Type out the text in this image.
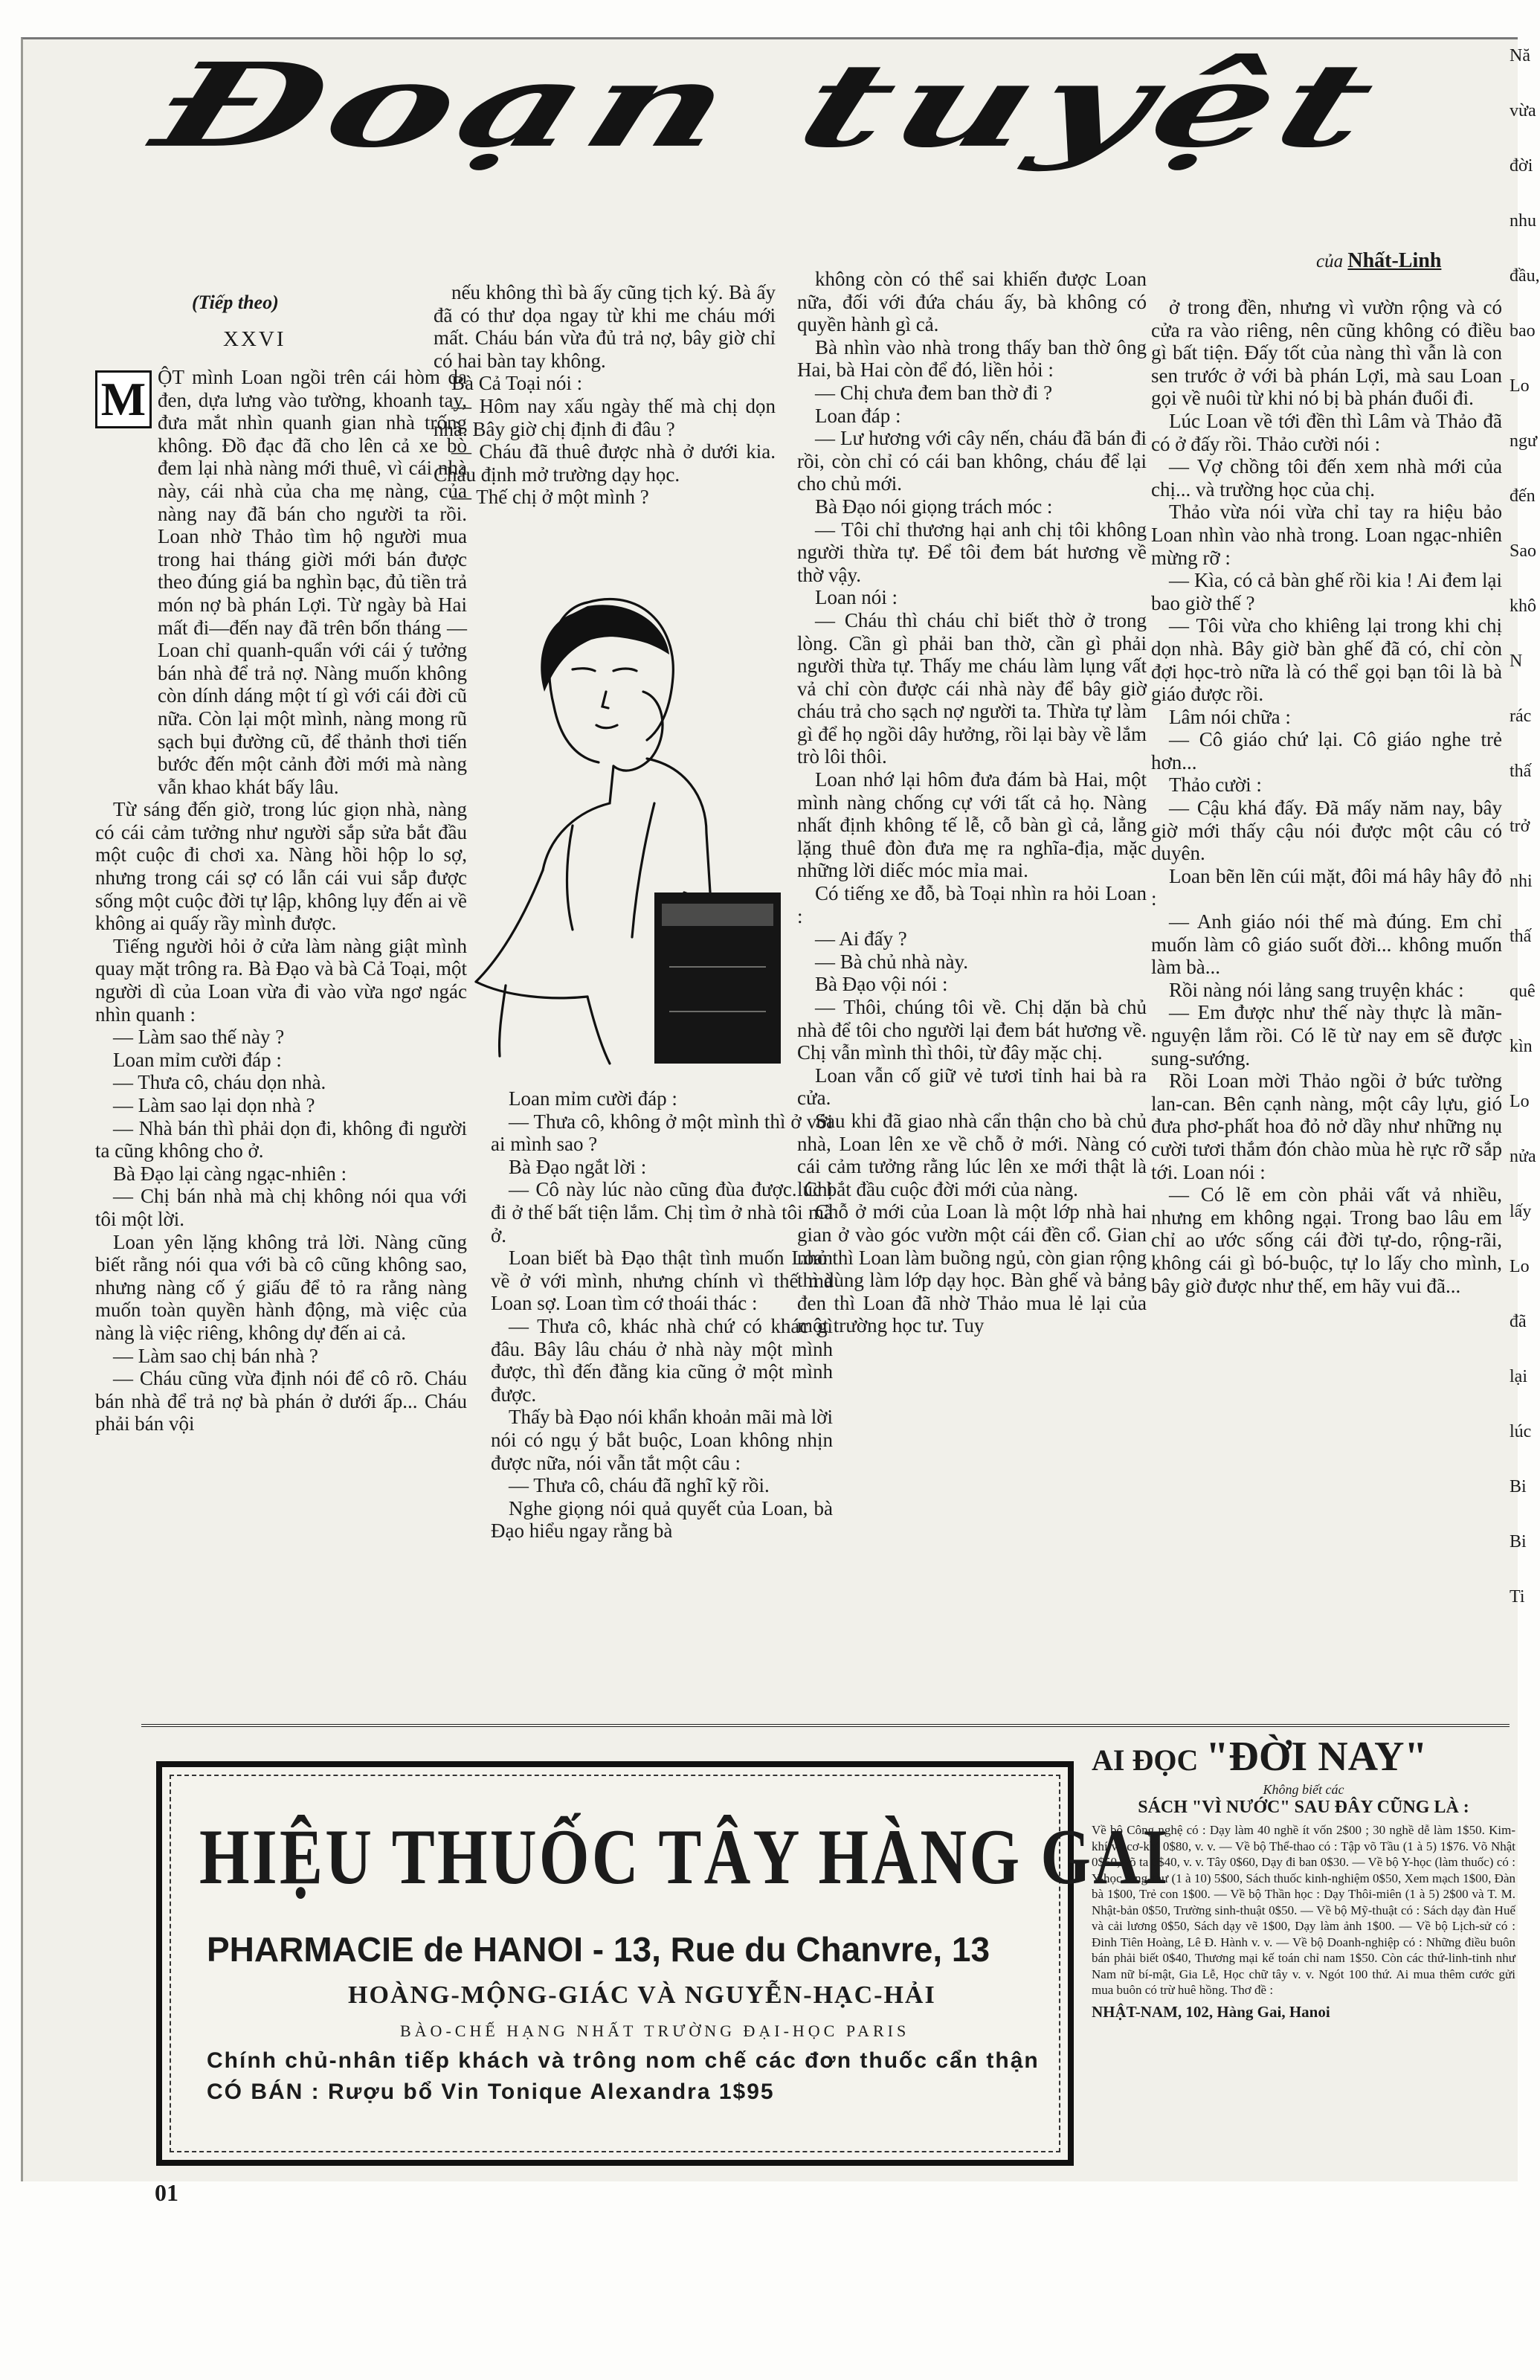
Đoạn tuyệt
của Nhất-Linh
(Tiếp theo)
XXVI
M ỘT mình Loan ngồi trên cái hòm da đen, dựa lưng vào tường, khoanh tay, đưa mắt nhìn quanh gian nhà trống không. Đồ đạc đã cho lên cả xe bò đem lại nhà nàng mới thuê, vì cái nhà này, cái nhà của cha mẹ nàng, của nàng nay đã bán cho người ta rồi. Loan nhờ Thảo tìm hộ người mua trong hai tháng giời mới bán được theo đúng giá ba nghìn bạc, đủ tiền trả món nợ bà phán Lợi. Từ ngày bà Hai mất đi—đến nay đã trên bốn tháng — Loan chỉ quanh-quẩn với cái ý tưởng bán nhà để trả nợ. Nàng muốn không còn dính dáng một tí gì với cái đời cũ nữa. Còn lại một mình, nàng mong rũ sạch bụi đường cũ, để thảnh thơi tiến bước đến một cảnh đời mới mà nàng vẫn khao khát bấy lâu.

Từ sáng đến giờ, trong lúc giọn nhà, nàng có cái cảm tưởng như người sắp sửa bắt đầu một cuộc đi chơi xa. Nàng hồi hộp lo sợ, nhưng trong cái sợ có lẫn cái vui sắp được sống một cuộc đời tự lập, không lụy đến ai về không ai quấy rầy mình được.

Tiếng người hỏi ở cửa làm nàng giật mình quay mặt trông ra. Bà Đạo và bà Cả Toại, một người dì của Loan vừa đi vào vừa ngơ ngác nhìn quanh :

— Làm sao thế này ?

Loan mỉm cười đáp :

— Thưa cô, cháu dọn nhà.

— Làm sao lại dọn nhà ?

— Nhà bán thì phải dọn đi, không đi người ta cũng không cho ở.

Bà Đạo lại càng ngạc-nhiên :

— Chị bán nhà mà chị không nói qua với tôi một lời.

Loan yên lặng không trả lời. Nàng cũng biết rằng nói qua với bà cô cũng không sao, nhưng nàng cố ý giấu để tỏ ra rằng nàng muốn toàn quyền hành động, mà việc của nàng là việc riêng, không dự đến ai cả.

— Làm sao chị bán nhà ?

— Cháu cũng vừa định nói để cô rõ. Cháu bán nhà để trả nợ bà phán ở dưới ấp... Cháu phải bán vội

nếu không thì bà ấy cũng tịch ký. Bà ấy đã có thư dọa ngay từ khi me cháu mới mất. Cháu bán vừa đủ trả nợ, bây giờ chỉ có hai bàn tay không.

Bà Cả Toại nói :

— Hôm nay xấu ngày thế mà chị dọn nhà. Bây giờ chị định đi đâu ?

— Cháu đã thuê được nhà ở dưới kia. Cháu định mở trường dạy học.

— Thế chị ở một mình ?

Loan mỉm cười đáp :

— Thưa cô, không ở một mình thì ở với ai mình sao ?

Bà Đạo ngắt lời :

— Cô này lúc nào cũng đùa được. Chị đi ở thế bất tiện lắm. Chị tìm ở nhà tôi mà ở.

Loan biết bà Đạo thật tình muốn Loan về ở với mình, nhưng chính vì thế mà Loan sợ. Loan tìm cớ thoái thác :

— Thưa cô, khác nhà chứ có khác gì đâu. Bây lâu cháu ở nhà này một mình được, thì đến đằng kia cũng ở một mình được.

Thấy bà Đạo nói khẩn khoản mãi mà lời nói có ngụ ý bắt buộc, Loan không nhịn được nữa, nói vẫn tắt một câu :

— Thưa cô, cháu đã nghĩ kỹ rồi.

Nghe giọng nói quả quyết của Loan, bà Đạo hiểu ngay rằng bà

không còn có thể sai khiến được Loan nữa, đối với đứa cháu ấy, bà không có quyền hành gì cả.

Bà nhìn vào nhà trong thấy ban thờ ông Hai, bà Hai còn để đó, liền hỏi :

— Chị chưa đem ban thờ đi ?

Loan đáp :

— Lư hương với cây nến, cháu đã bán đi rồi, còn chỉ có cái ban không, cháu để lại cho chủ mới.

Bà Đạo nói giọng trách móc :

— Tôi chỉ thương hại anh chị tôi không người thừa tự. Để tôi đem bát hương về thờ vậy.

Loan nói :

— Cháu thì cháu chỉ biết thờ ở trong lòng. Cần gì phải ban thờ, cần gì phải người thừa tự. Thấy me cháu làm lụng vất vả chỉ còn được cái nhà này để bây giờ cháu trả cho sạch nợ người ta. Thừa tự làm gì để họ ngồi dây hưởng, rồi lại bày về lắm trò lôi thôi.

Loan nhớ lại hôm đưa đám bà Hai, một mình nàng chống cự với tất cả họ. Nàng nhất định không tế lễ, cỗ bàn gì cả, lẳng lặng thuê đòn đưa mẹ ra nghĩa-địa, mặc những lời diếc móc mỉa mai.

Có tiếng xe đỗ, bà Toại nhìn ra hỏi Loan :

— Ai đấy ?

— Bà chủ nhà này.

Bà Đạo vội nói :

— Thôi, chúng tôi về. Chị dặn bà chủ nhà để tôi cho người lại đem bát hương về. Chị vẫn mình thì thôi, từ đây mặc chị.

Loan vẫn cố giữ vẻ tươi tỉnh hai bà ra cửa.

Sau khi đã giao nhà cẩn thận cho bà chủ nhà, Loan lên xe về chỗ ở mới. Nàng có cái cảm tưởng rằng lúc lên xe mới thật là lúc bắt đầu cuộc đời mới của nàng.

Chỗ ở mới của Loan là một lớp nhà hai gian ở vào góc vườn một cái đền cổ. Gian nhỏ thì Loan làm buồng ngủ, còn gian rộng thì dùng làm lớp dạy học. Bàn ghế và bảng đen thì Loan đã nhờ Thảo mua lẻ lại của một trường học tư. Tuy

ở trong đền, nhưng vì vườn rộng và có cửa ra vào riêng, nên cũng không có điều gì bất tiện. Đấy tốt của nàng thì vẫn là con sen trước ở với bà phán Lợi, mà sau Loan gọi về nuôi từ khi nó bị bà phán đuổi đi.

Lúc Loan về tới đền thì Lâm và Thảo đã có ở đấy rồi. Thảo cười nói :

— Vợ chồng tôi đến xem nhà mới của chị... và trường học của chị.

Thảo vừa nói vừa chỉ tay ra hiệu bảo Loan nhìn vào nhà trong. Loan ngạc-nhiên mừng rỡ :

— Kìa, có cả bàn ghế rồi kia ! Ai đem lại bao giờ thế ?

— Tôi vừa cho khiêng lại trong khi chị dọn nhà. Bây giờ bàn ghế đã có, chỉ còn đợi học-trò nữa là có thể gọi bạn tôi là bà giáo được rồi.

Lâm nói chữa :

— Cô giáo chứ lại. Cô giáo nghe trẻ hơn...

Thảo cười :

— Cậu khá đấy. Đã mấy năm nay, bây giờ mới thấy cậu nói được một câu có duyên.

Loan bẽn lẽn cúi mặt, đôi má hây hây đỏ :

— Anh giáo nói thế mà đúng. Em chỉ muốn làm cô giáo suốt đời... không muốn làm bà...

Rồi nàng nói lảng sang truyện khác :

— Em được như thế này thực là mãn-nguyện lắm rồi. Có lẽ từ nay em sẽ được sung-sướng.

Rồi Loan mời Thảo ngồi ở bức tường lan-can. Bên cạnh nàng, một cây lựu, gió đưa phơ-phất hoa đỏ nở dầy như những nụ cười tươi thắm đón chào mùa hè rực rỡ sắp tới. Loan nói :

— Có lẽ em còn phải vất vả nhiều, nhưng em không ngại. Trong bao lâu em chỉ ao ước sống cái đời tự-do, rộng-rãi, không cái gì bó-buộc, tự lo lấy cho mình, bây giờ được như thế, em hãy vui đã...

HIỆU THUỐC TÂY HÀNG GAI
PHARMACIE de HANOI - 13, Rue du Chanvre, 13
HOÀNG-MỘNG-GIÁC VÀ NGUYỄN-HẠC-HẢI
BÀO-CHẾ HẠNG NHẤT TRƯỜNG ĐẠI-HỌC PARIS
Chính chủ-nhân tiếp khách và trông nom chế các đơn thuốc cẩn thận
CÓ BÁN : Rượu bổ Vin Tonique Alexandra 1$95
AI ĐỌC "ĐỜI NAY"
Không biết các
SÁCH "VÌ NƯỚC" SAU ĐÂY CŨNG LÀ :
Về bộ Công nghệ có : Dạy làm 40 nghề ít vốn 2$00 ; 30 nghề dễ làm 1$50. Kim-khí và cơ-khí 0$80, v. v. — Về bộ Thể-thao có : Tập võ Tầu (1 à 5) 1$76. Võ Nhật 0$50, võ ta 0$40, v. v. Tây 0$60, Dạy đi ban 0$30. — Về bộ Y-học (làm thuốc) có : Y-học tùng-thư (1 à 10) 5$00, Sách thuốc kinh-nghiệm 0$50, Xem mạch 1$00, Đàn bà 1$00, Trẻ con 1$00. — Về bộ Thần học : Dạy Thôi-miên (1 à 5) 2$00 và T. M. Nhật-bản 0$50, Trường sinh-thuật 0$50. — Về bộ Mỹ-thuật có : Sách dạy đàn Huế và cải lương 0$50, Sách dạy vẽ 1$00, Dạy làm ảnh 1$00. — Về bộ Lịch-sử có : Đinh Tiên Hoàng, Lê Đ. Hành v. v. — Về bộ Doanh-nghiệp có : Những điều buôn bán phải biết 0$40, Thương mại kế toán chỉ nam 1$50. Còn các thứ-linh-tinh như Nam nữ bí-mật, Gia Lễ, Học chữ tây v. v. Ngót 100 thứ. Ai mua thêm cước gửi mua buôn có trừ huê hồng. Thơ đề :
NHẬT-NAM, 102, Hàng Gai, Hanoi
01
Nă
vừa
đời
nhu
đầu,
bao
Lo
ngư
đến
Sao
khô
N
rác
thấ
trở
nhi
thấ
quê
kìn
Lo
nửa
lấy
Lo
đã
lại
lúc
Bi
Bi
Ti
